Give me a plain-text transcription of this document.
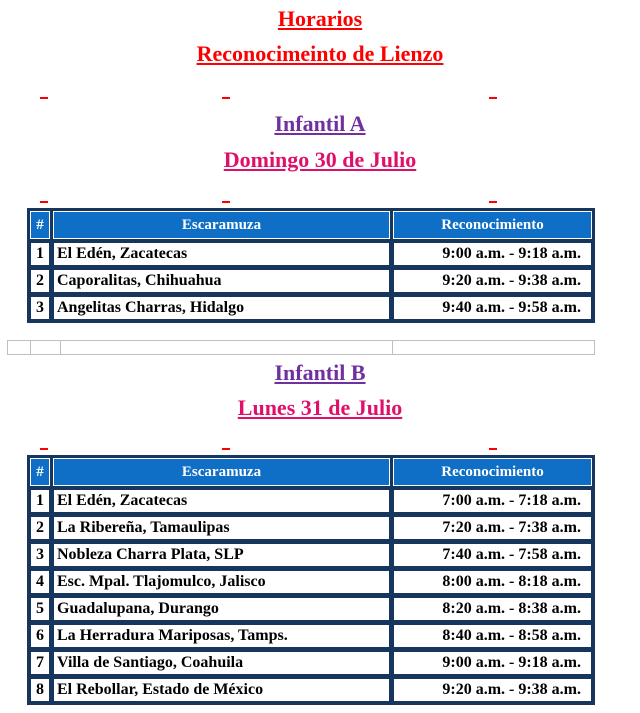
Horarios
Reconocimeinto de Lienzo
Infantil A
Domingo 30 de Julio
#	Escaramuza	Reconocimiento
1	El Edén, Zacatecas	9:00 a.m. - 9:18 a.m.
2	Caporalitas, Chihuahua	9:20 a.m. - 9:38 a.m.
3	Angelitas Charras, Hidalgo	9:40 a.m. - 9:58 a.m.
Infantil B
Lunes 31 de Julio
#	Escaramuza	Reconocimiento
1	El Edén, Zacatecas	7:00 a.m. - 7:18 a.m.
2	La Ribereña, Tamaulipas	7:20 a.m. - 7:38 a.m.
3	Nobleza Charra Plata, SLP	7:40 a.m. - 7:58 a.m.
4	Esc. Mpal. Tlajomulco, Jalisco	8:00 a.m. - 8:18 a.m.
5	Guadalupana, Durango	8:20 a.m. - 8:38 a.m.
6	La Herradura Mariposas, Tamps.	8:40 a.m. - 8:58 a.m.
7	Villa de Santiago, Coahuila	9:00 a.m. - 9:18 a.m.
8	El Rebollar, Estado de México	9:20 a.m. - 9:38 a.m.
